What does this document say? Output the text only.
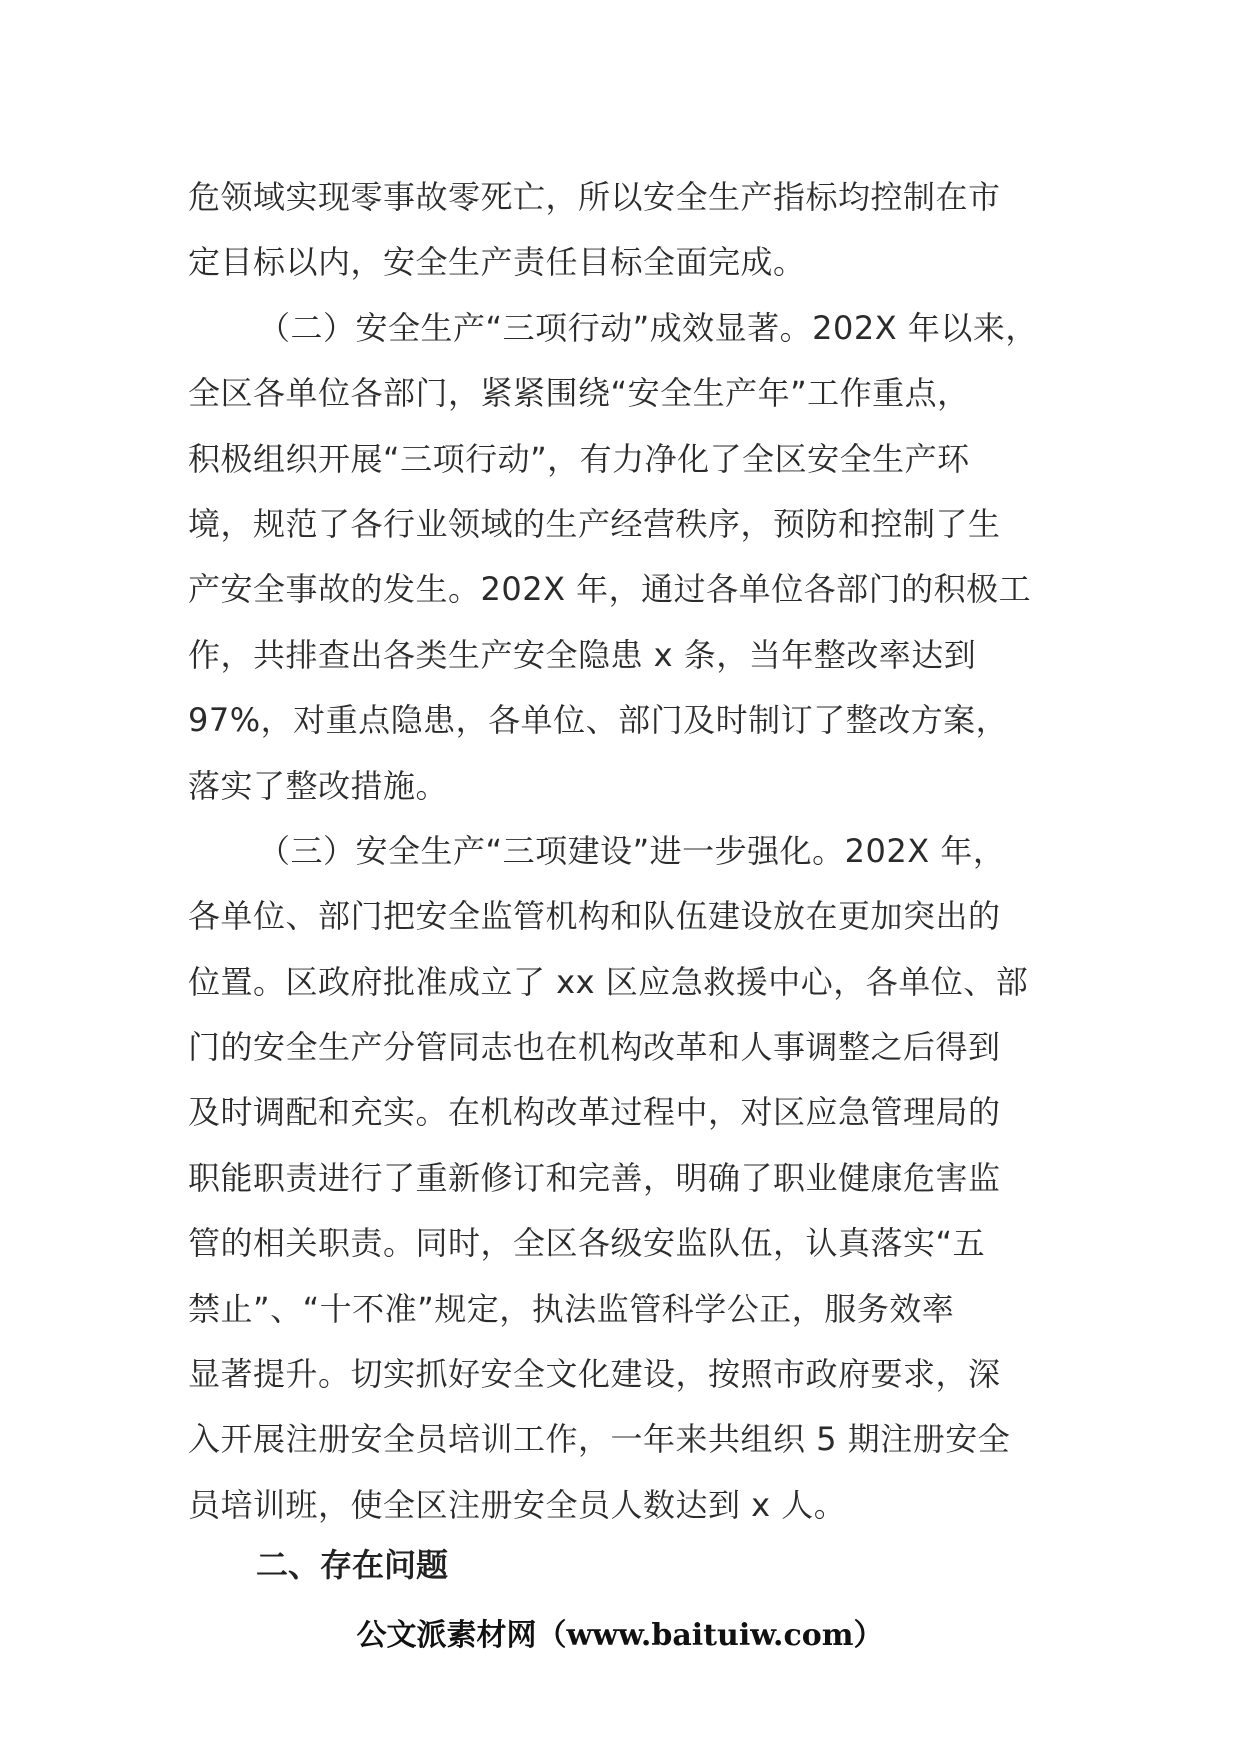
危领域实现零事故零死亡，所以安全生产指标均控制在市
定目标以内，安全生产责任目标全面完成。
（二）安全生产“三项行动”成效显著。202X 年以来，
全区各单位各部门，紧紧围绕“安全生产年”工作重点，
积极组织开展“三项行动”，有力净化了全区安全生产环
境，规范了各行业领域的生产经营秩序，预防和控制了生
产安全事故的发生。202X 年，通过各单位各部门的积极工
作，共排查出各类生产安全隐患 x 条，当年整改率达到
97%，对重点隐患，各单位、部门及时制订了整改方案，
落实了整改措施。
（三）安全生产“三项建设”进一步强化。202X 年，
各单位、部门把安全监管机构和队伍建设放在更加突出的
位置。区政府批准成立了 xx 区应急救援中心，各单位、部
门的安全生产分管同志也在机构改革和人事调整之后得到
及时调配和充实。在机构改革过程中，对区应急管理局的
职能职责进行了重新修订和完善，明确了职业健康危害监
管的相关职责。同时，全区各级安监队伍，认真落实“五
禁止”、“十不准”规定，执法监管科学公正，服务效率
显著提升。切实抓好安全文化建设，按照市政府要求，深
入开展注册安全员培训工作，一年来共组织 5 期注册安全
员培训班，使全区注册安全员人数达到 x 人。
二、存在问题
公文派素材网（www.baituiw.com）
